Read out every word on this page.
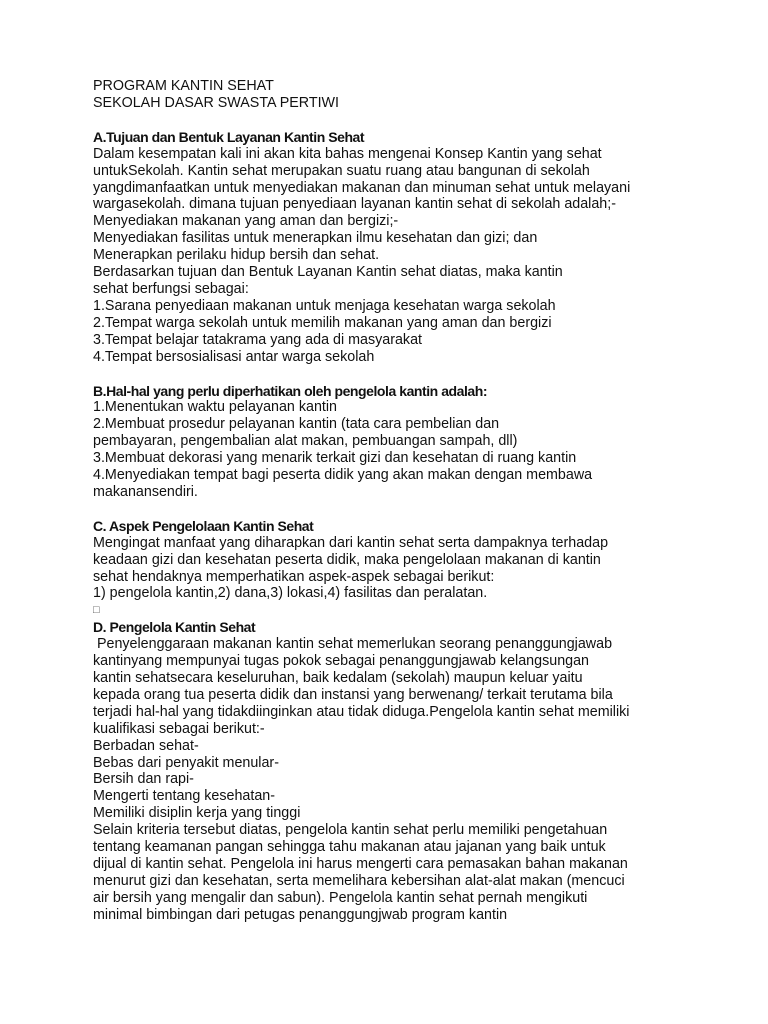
PROGRAM KANTIN SEHAT
SEKOLAH DASAR SWASTA PERTIWI
A.Tujuan dan Bentuk Layanan Kantin Sehat
Dalam kesempatan kali ini akan kita bahas mengenai Konsep Kantin yang sehat
untukSekolah. Kantin sehat merupakan suatu ruang atau bangunan di sekolah
yangdimanfaatkan untuk menyediakan makanan dan minuman sehat untuk melayani
wargasekolah. dimana tujuan penyediaan layanan kantin sehat di sekolah adalah;-
Menyediakan makanan yang aman dan bergizi;-
Menyediakan fasilitas untuk menerapkan ilmu kesehatan dan gizi; dan
Menerapkan perilaku hidup bersih dan sehat.
Berdasarkan tujuan dan Bentuk Layanan Kantin sehat diatas, maka kantin
sehat berfungsi sebagai:
1.Sarana penyediaan makanan untuk menjaga kesehatan warga sekolah
2.Tempat warga sekolah untuk memilih makanan yang aman dan bergizi
3.Tempat belajar tatakrama yang ada di masyarakat
4.Tempat bersosialisasi antar warga sekolah
B.Hal-hal yang perlu diperhatikan oleh pengelola kantin adalah:
1.Menentukan waktu pelayanan kantin
2.Membuat prosedur pelayanan kantin (tata cara pembelian dan
pembayaran, pengembalian alat makan, pembuangan sampah, dll)
3.Membuat dekorasi yang menarik terkait gizi dan kesehatan di ruang kantin
4.Menyediakan tempat bagi peserta didik yang akan makan dengan membawa
makanansendiri.
C. Aspek Pengelolaan Kantin Sehat
Mengingat manfaat yang diharapkan dari kantin sehat serta dampaknya terhadap
keadaan gizi dan kesehatan peserta didik, maka pengelolaan makanan di kantin
sehat hendaknya memperhatikan aspek-aspek sebagai berikut:
1) pengelola kantin,2) dana,3) lokasi,4) fasilitas dan peralatan.
□
D. Pengelola Kantin Sehat
Penyelenggaraan makanan kantin sehat memerlukan seorang penanggungjawab
kantinyang mempunyai tugas pokok sebagai penanggungjawab kelangsungan
kantin sehatsecara keseluruhan, baik kedalam (sekolah) maupun keluar yaitu
kepada orang tua peserta didik dan instansi yang berwenang/ terkait terutama bila
terjadi hal-hal yang tidakdiinginkan atau tidak diduga.Pengelola kantin sehat memiliki
kualifikasi sebagai berikut:-
Berbadan sehat-
Bebas dari penyakit menular-
Bersih dan rapi-
Mengerti tentang kesehatan-
Memiliki disiplin kerja yang tinggi
Selain kriteria tersebut diatas, pengelola kantin sehat perlu memiliki pengetahuan
tentang keamanan pangan sehingga tahu makanan atau jajanan yang baik untuk
dijual di kantin sehat. Pengelola ini harus mengerti cara pemasakan bahan makanan
menurut gizi dan kesehatan, serta memelihara kebersihan alat-alat makan (mencuci
air bersih yang mengalir dan sabun). Pengelola kantin sehat pernah mengikuti
minimal bimbingan dari petugas penanggungjwab program kantin
